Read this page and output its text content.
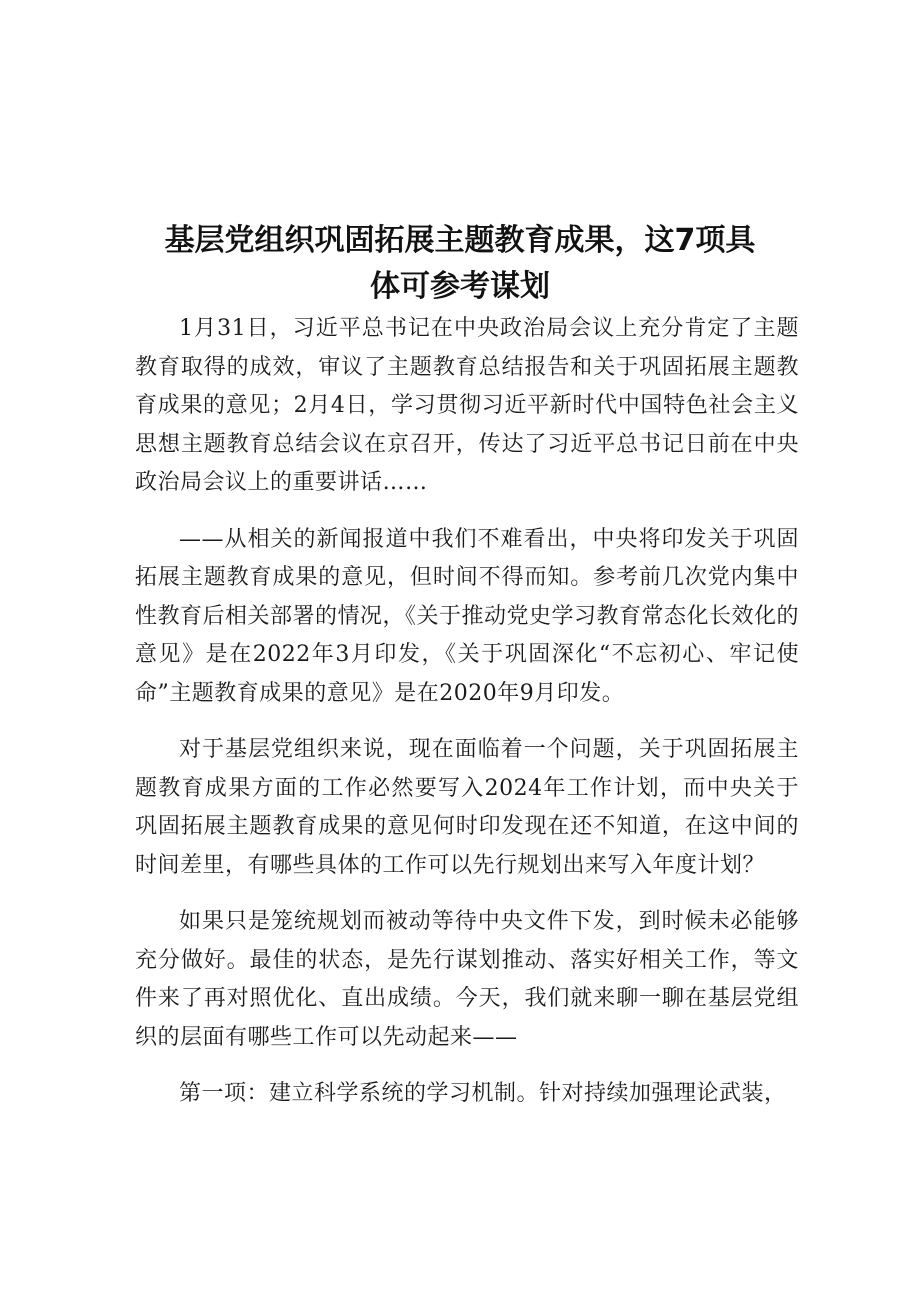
基层党组织巩固拓展主题教育成果，这7项具
体可参考谋划

1月31日，习近平总书记在中央政治局会议上充分肯定了主题教育取得的成效，审议了主题教育总结报告和关于巩固拓展主题教育成果的意见；2月4日，学习贯彻习近平新时代中国特色社会主义思想主题教育总结会议在京召开，传达了习近平总书记日前在中央政治局会议上的重要讲话……

——从相关的新闻报道中我们不难看出，中央将印发关于巩固拓展主题教育成果的意见，但时间不得而知。参考前几次党内集中性教育后相关部署的情况，《关于推动党史学习教育常态化长效化的意见》是在2022年3月印发，《关于巩固深化“不忘初心、牢记使命”主题教育成果的意见》是在2020年9月印发。

对于基层党组织来说，现在面临着一个问题，关于巩固拓展主题教育成果方面的工作必然要写入2024年工作计划，而中央关于巩固拓展主题教育成果的意见何时印发现在还不知道，在这中间的时间差里，有哪些具体的工作可以先行规划出来写入年度计划？

如果只是笼统规划而被动等待中央文件下发，到时候未必能够充分做好。最佳的状态，是先行谋划推动、落实好相关工作，等文件来了再对照优化、直出成绩。今天，我们就来聊一聊在基层党组织的层面有哪些工作可以先动起来——

第一项：建立科学系统的学习机制。针对持续加强理论武装，
